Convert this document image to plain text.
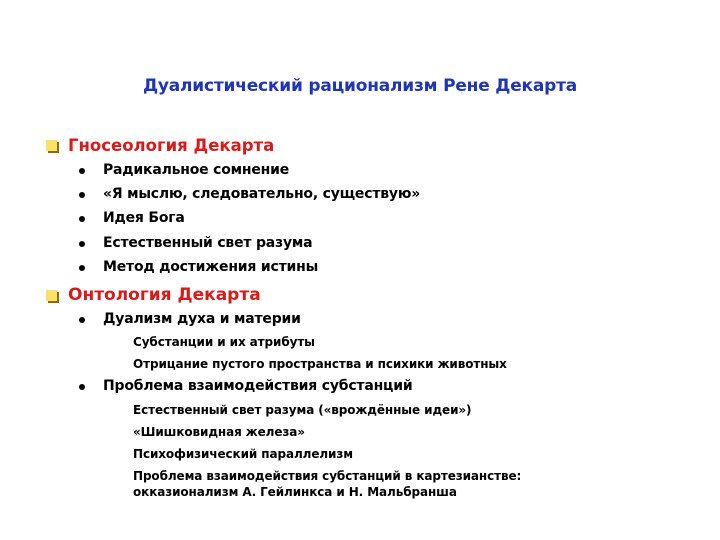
Дуалистический рационализм Рене Декарта
Гносеология Декарта
Радикальное сомнение
«Я мыслю, следовательно, существую»
Идея Бога
Естественный свет разума
Метод достижения истины
Онтология Декарта
Дуализм духа и материи
Субстанции и их атрибуты
Отрицание пустого пространства и психики животных
Проблема взаимодействия субстанций
Естественный свет разума («врождённые идеи»)
«Шишковидная железа»
Психофизический параллелизм
Проблема взаимодействия субстанций в картезианстве: окказионализм А. Гейлинкса и Н. Мальбранша
